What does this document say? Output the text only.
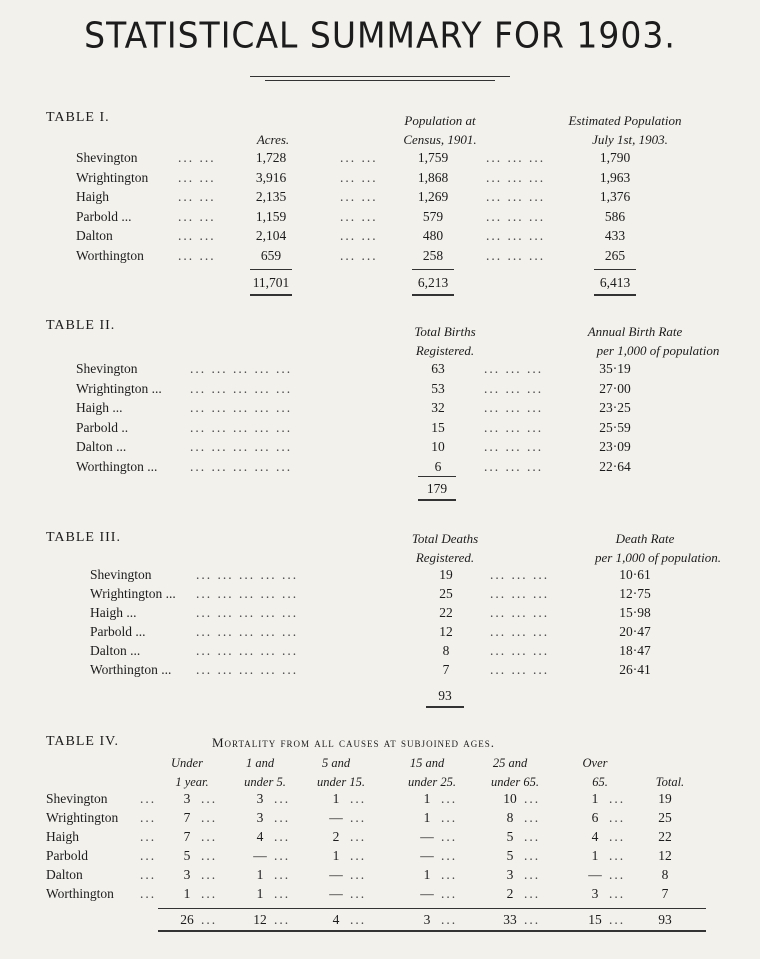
STATISTICAL SUMMARY FOR 1903.
TABLE I.
Acres.
Population at
Census, 1901.
Estimated Population
July 1st, 1903.
Shevington	... ...	1,728	... ...	1,759	... ... ...	1,790
Wrightington ... ...	3,916	... ...	1,868	... ... ...	1,963
Haigh	... ...	2,135	... ...	1,269	... ... ...	1,376
Parbold ...	... ...	1,159	... ...	579	... ... ...	586
Dalton	... ...	2,104	... ...	480	... ... ...	433
Worthington	... ...	659	... ...	258	... ... ...	265
11,701	6,213	6,413
TABLE II.	Total Births
Registered.
Annual Birth Rate
per 1,000 of population
Shevington	... ... ... ... ...	63	... ... ...	35·19
Wrightington ... ... ... ... ... ...	53	... ... ...	27·00
Haigh ...	... ... ... ... ...	32	... ... ...	23·25
Parbold ..	... ... ... ... ...	15	... ... ...	25·59
Dalton ...	... ... ... ... ...	10	... ... ...	23·09
Worthington ... ... ... ... ... ...	6	... ... ...	22·64
179
TABLE III.	Total Deaths
Registered.
Death Rate
per 1,000 of population.
Shevington	... ... ... ... ...	19	... ... ...	10·61
Wrightington ... ... ... ... ... ...	25	... ... ...	12·75
Haigh ...	... ... ... ... ...	22	... ... ...	15·98
Parbold ...	... ... ... ... ...	12	... ... ...	20·47
Dalton ...	... ... ... ... ...	8	... ... ...	18·47
Worthington ... ... ... ... ... ...	7	... ... ...	26·41
93
TABLE IV.	Mortality from all causes at subjoined ages.
Under
1 year.
1 and
under 5.
5 and
under 15.
15 and
under 25.
25 and
under 65.
Over
65.	Total.
Shevington ...	3 ...	3 ...	1 ...	1 ...	10 ...	1 ...	19
Wrightington ...	7 ...	3 ...	— ...	1 ...	8 ...	6 ...	25
Haigh	...	7 ...	4 ...	2 ...	— ...	5 ...	4 ...	22
Parbold	...	5 ...	— ...	1 ...	— ...	5 ...	1 ...	12
Dalton	...	3 ...	1 ...	— ...	1 ...	3 ...	— ...	8
Worthington ...	1 ...	1 ...	— ...	— ...	2 ...	3 ...	7
26 ...	12 ...	4 ...	3 ...	33 ...	15 ...	93
